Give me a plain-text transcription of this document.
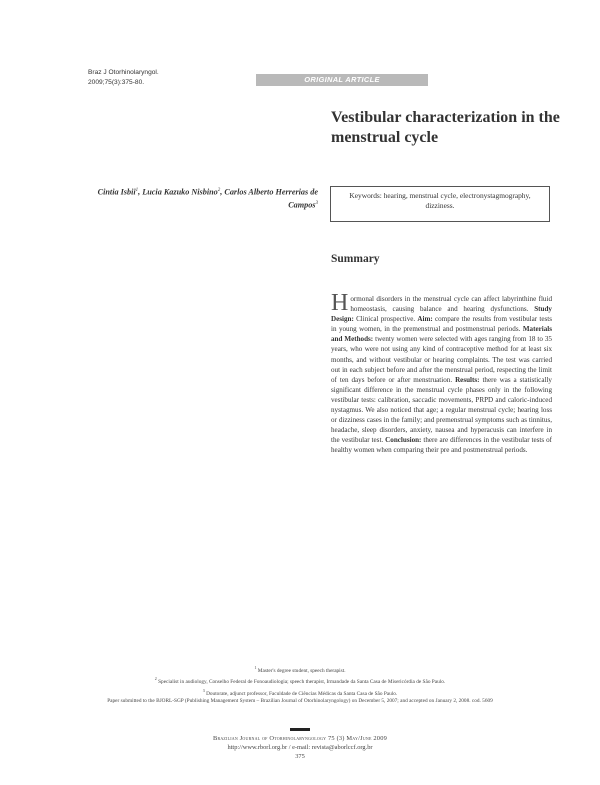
Braz J Otorhinolaryngol.
2009;75(3):375-80.	ORIGINAL ARTICLE
Vestibular characterization in the menstrual cycle
Cintia Isbii$^1$, Lucia Kazuko Nisbino$^2$, Carlos Alberto Herrerias de Campos$^3$
Keywords: hearing, menstrual cycle, electronystagmography, dizziness.
Summary
Hormonal disorders in the menstrual cycle can affect labyrinthine fluid homeostasis, causing balance and hearing dysfunctions. Study Design: Clinical prospective. Aim: compare the results from vestibular tests in young women, in the premenstrual and postmenstrual periods. Materials and Methods: twenty women were selected with ages ranging from 18 to 35 years, who were not using any kind of contraceptive method for at least six months, and without vestibular or hearing complaints. The test was carried out in each subject before and after the menstrual period, respecting the limit of ten days before or after menstruation. Results: there was a statistically significant difference in the menstrual cycle phases only in the following vestibular tests: calibration, saccadic movements, PRPD and caloric-induced nystagmus. We also noticed that age; a regular menstrual cycle; hearing loss or dizziness cases in the family; and premenstrual symptoms such as tinnitus, headache, sleep disorders, anxiety, nausea and hyperacusis can interfere in the vestibular test. Conclusion: there are differences in the vestibular tests of healthy women when comparing their pre and postmenstrual periods.
$^1$ Master's degree student, speech therapist.
$^2$ Specialist in audiology, Conselho Federal de Fonoaudiologia; speech therapist, Irmandade da Santa Casa de Misericórdia de São Paulo.
$^3$ Doutorate, adjunct professor, Faculdade de Ciências Médicas da Santa Casa de São Paulo.
Paper submitted to the BJORL-SGP (Publishing Management System – Brazilian Journal of Otorhinolaryngology) on December 5, 2007; and accepted on January 2, 2008. cod. 5609
Brazilian Journal of Otorhinolaryngology 75 (3) May/June 2009
http://www.rborl.org.br / e-mail: revista@aborlccf.org.br
375
